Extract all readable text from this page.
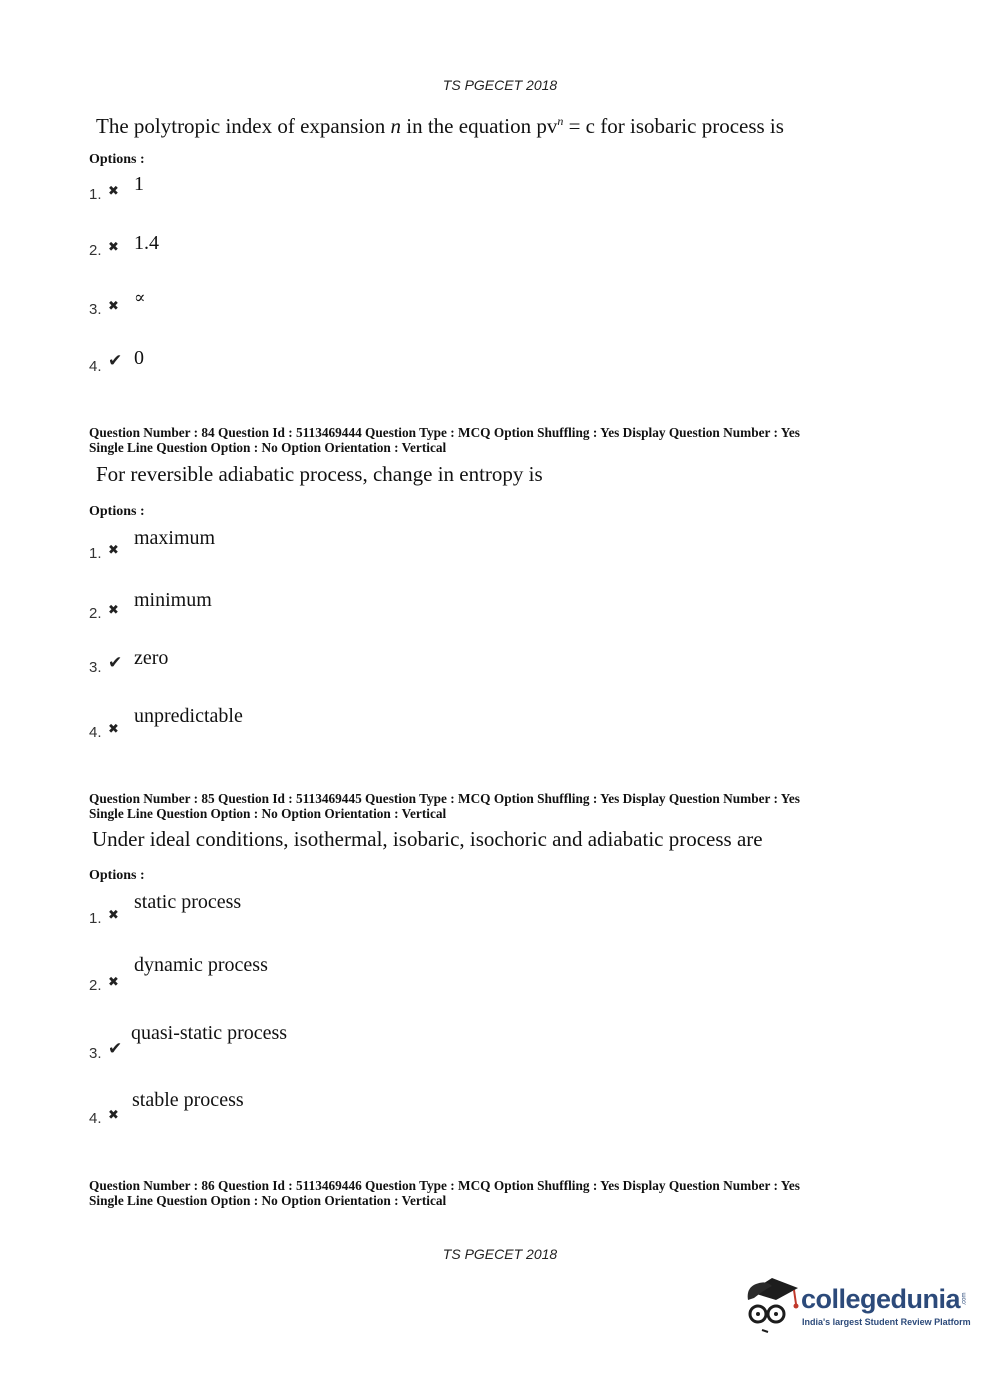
TS PGECET 2018
The polytropic index of expansion n in the equation $pv^n = c$ for isobaric process is
Options :
1. ✖ 1
2. ✖ 1.4
3. ✖ ∝
4. ✔ 0
Question Number : 84 Question Id : 5113469444 Question Type : MCQ Option Shuffling : Yes Display Question Number : Yes
Single Line Question Option : No Option Orientation : Vertical
For reversible adiabatic process, change in entropy is
Options :
1. ✖
maximum
2. ✖ minimum
3. ✔ zero
4. ✖
unpredictable
Question Number : 85 Question Id : 5113469445 Question Type : MCQ Option Shuffling : Yes Display Question Number : Yes
Single Line Question Option : No Option Orientation : Vertical
Under ideal conditions, isothermal, isobaric, isochoric and adiabatic process are
Options :
1. ✖
static process
2. ✖
dynamic process
3. ✔
quasi-static process
4. ✖
stable process
Question Number : 86 Question Id : 5113469446 Question Type : MCQ Option Shuffling : Yes Display Question Number : Yes
Single Line Question Option : No Option Orientation : Vertical
TS PGECET 2018
collegedunia .com
India's largest Student Review Platform
